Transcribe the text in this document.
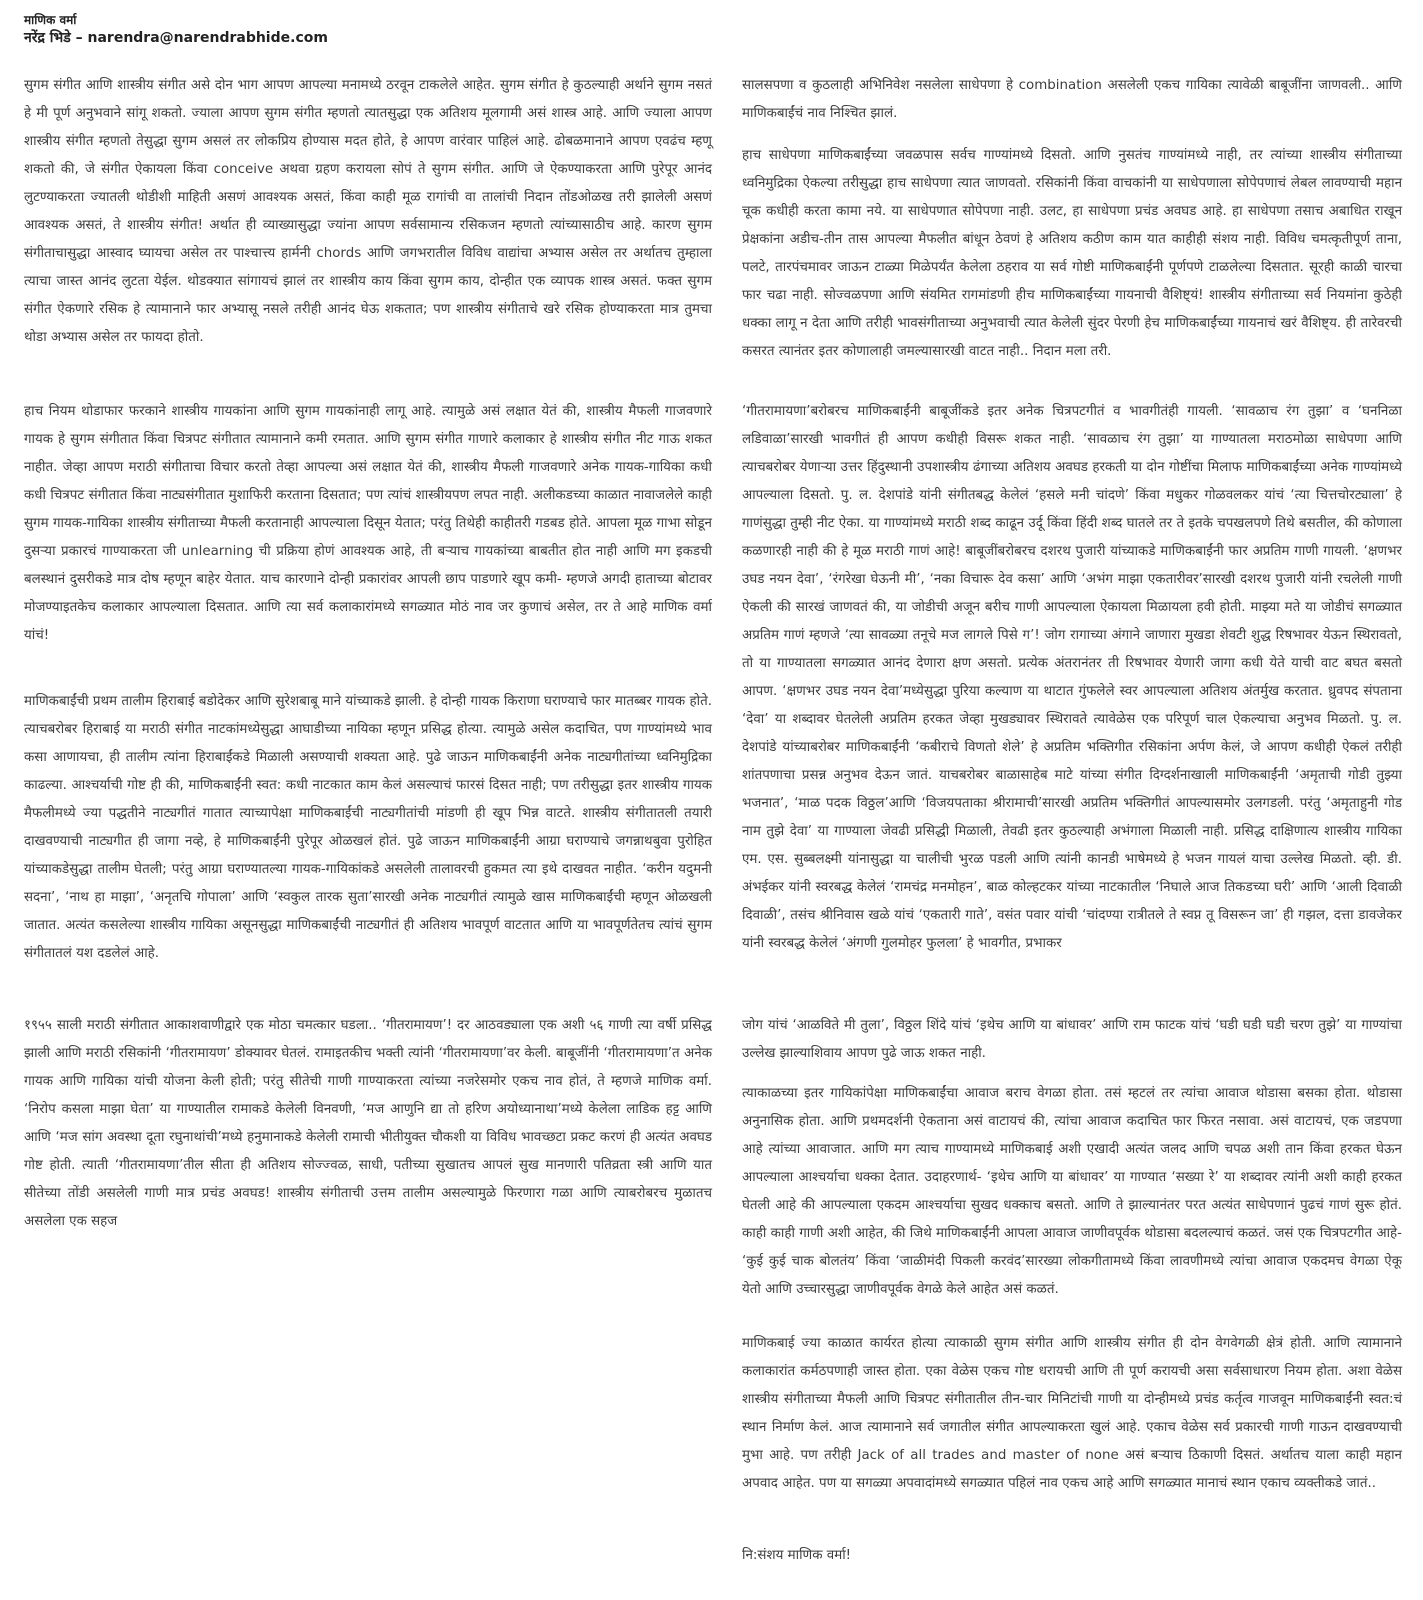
माणिक वर्मा
नरेंद्र भिडे – narendra@narendrabhide.com

सुगम संगीत आणि शास्त्रीय संगीत असे दोन भाग आपण आपल्या मनामध्ये ठरवून टाकलेले आहेत. सुगम संगीत हे कुठल्याही अर्थाने सुगम नसतं हे मी पूर्ण अनुभवाने सांगू शकतो. ज्याला आपण सुगम संगीत म्हणतो त्यातसुद्धा एक अतिशय मूलगामी असं शास्त्र आहे. आणि ज्याला आपण शास्त्रीय संगीत म्हणतो तेसुद्धा सुगम असलं तर लोकप्रिय होण्यास मदत होते, हे आपण वारंवार पाहिलं आहे. ढोबळमानाने आपण एवढंच म्हणू शकतो की, जे संगीत ऐकायला किंवा conceive अथवा ग्रहण करायला सोपं ते सुगम संगीत. आणि जे ऐकण्याकरता आणि पुरेपूर आनंद लुटण्याकरता ज्यातली थोडीशी माहिती असणं आवश्यक असतं, किंवा काही मूळ रागांची वा तालांची निदान तोंडओळख तरी झालेली असणं आवश्यक असतं, ते शास्त्रीय संगीत! अर्थात ही व्याख्यासुद्धा ज्यांना आपण सर्वसामान्य रसिकजन म्हणतो त्यांच्यासाठीच आहे. कारण सुगम संगीताचासुद्धा आस्वाद घ्यायचा असेल तर पाश्चात्त्य हार्मनी chords आणि जगभरातील विविध वाद्यांचा अभ्यास असेल तर अर्थातच तुम्हाला त्याचा जास्त आनंद लुटता येईल. थोडक्यात सांगायचं झालं तर शास्त्रीय काय किंवा सुगम काय, दोन्हीत एक व्यापक शास्त्र असतं. फक्त सुगम संगीत ऐकणारे रसिक हे त्यामानाने फार अभ्यासू नसले तरीही आनंद घेऊ शकतात; पण शास्त्रीय संगीताचे खरे रसिक होण्याकरता मात्र तुमचा थोडा अभ्यास असेल तर फायदा होतो.

हाच नियम थोडाफार फरकाने शास्त्रीय गायकांना आणि सुगम गायकांनाही लागू आहे. त्यामुळे असं लक्षात येतं की, शास्त्रीय मैफली गाजवणारे गायक हे सुगम संगीतात किंवा चित्रपट संगीतात त्यामानाने कमी रमतात. आणि सुगम संगीत गाणारे कलाकार हे शास्त्रीय संगीत नीट गाऊ शकत नाहीत. जेव्हा आपण मराठी संगीताचा विचार करतो तेव्हा आपल्या असं लक्षात येतं की, शास्त्रीय मैफली गाजवणारे अनेक गायक-गायिका कधी कधी चित्रपट संगीतात किंवा नाट्यसंगीतात मुशाफिरी करताना दिसतात; पण त्यांचं शास्त्रीयपण लपत नाही. अलीकडच्या काळात नावाजलेले काही सुगम गायक-गायिका शास्त्रीय संगीताच्या मैफली करतानाही आपल्याला दिसून येतात; परंतु तिथेही काहीतरी गडबड होते. आपला मूळ गाभा सोडून दुसऱ्या प्रकारचं गाण्याकरता जी unlearning ची प्रक्रिया होणं आवश्यक आहे, ती बऱ्याच गायकांच्या बाबतीत होत नाही आणि मग इकडची बलस्थानं दुसरीकडे मात्र दोष म्हणून बाहेर येतात. याच कारणाने दोन्ही प्रकारांवर आपली छाप पाडणारे खूप कमी- म्हणजे अगदी हाताच्या बोटावर मोजण्याइतकेच कलाकार आपल्याला दिसतात. आणि त्या सर्व कलाकारांमध्ये सगळ्यात मोठं नाव जर कुणाचं असेल, तर ते आहे माणिक वर्मा यांचं!

माणिकबाईंची प्रथम तालीम हिराबाई बडोदेकर आणि सुरेशबाबू माने यांच्याकडे झाली. हे दोन्ही गायक किराणा घराण्याचे फार मातब्बर गायक होते. त्याचबरोबर हिराबाई या मराठी संगीत नाटकांमध्येसुद्धा आघाडीच्या नायिका म्हणून प्रसिद्ध होत्या. त्यामुळे असेल कदाचित, पण गाण्यांमध्ये भाव कसा आणायचा, ही तालीम त्यांना हिराबाईंकडे मिळाली असण्याची शक्यता आहे. पुढे जाऊन माणिकबाईंनी अनेक नाट्यगीतांच्या ध्वनिमुद्रिका काढल्या. आश्चर्याची गोष्ट ही की, माणिकबाईंनी स्वत: कधी नाटकात काम केलं असल्याचं फारसं दिसत नाही; पण तरीसुद्धा इतर शास्त्रीय गायक मैफलीमध्ये ज्या पद्धतीने नाट्यगीतं गातात त्याच्यापेक्षा माणिकबाईंची नाट्यगीतांची मांडणी ही खूप भिन्न वाटते. शास्त्रीय संगीतातली तयारी दाखवण्याची नाट्यगीत ही जागा नव्हे, हे माणिकबाईंनी पुरेपूर ओळखलं होतं. पुढे जाऊन माणिकबाईंनी आग्रा घराण्याचे जगन्नाथबुवा पुरोहित यांच्याकडेसुद्धा तालीम घेतली; परंतु आग्रा घराण्यातल्या गायक-गायिकांकडे असलेली तालावरची हुकमत त्या इथे दाखवत नाहीत. ‘करीन यदुमनी सदना’, ‘नाथ हा माझा’, ‘अनृतचि गोपाला’ आणि ‘स्वकुल तारक सुता’सारखी अनेक नाट्यगीतं त्यामुळे खास माणिकबाईंची म्हणून ओळखली जातात. अत्यंत कसलेल्या शास्त्रीय गायिका असूनसुद्धा माणिकबाईंची नाट्यगीतं ही अतिशय भावपूर्ण वाटतात आणि या भावपूर्णतेतच त्यांचं सुगम संगीतातलं यश दडलेलं आहे.

१९५५ साली मराठी संगीतात आकाशवाणीद्वारे एक मोठा चमत्कार घडला.. ‘गीतरामायण’! दर आठवड्याला एक अशी ५६ गाणी त्या वर्षी प्रसिद्ध झाली आणि मराठी रसिकांनी ‘गीतरामायण’ डोक्यावर घेतलं. रामाइतकीच भक्ती त्यांनी ‘गीतरामायणा’वर केली. बाबूजींनी ‘गीतरामायणा’त अनेक गायक आणि गायिका यांची योजना केली होती; परंतु सीतेची गाणी गाण्याकरता त्यांच्या नजरेसमोर एकच नाव होतं, ते म्हणजे माणिक वर्मा. ‘निरोप कसला माझा घेता’ या गाण्यातील रामाकडे केलेली विनवणी, ‘मज आणुनि द्या तो हरिण अयोध्यानाथा’मध्ये केलेला लाडिक हट्ट आणि आणि ‘मज सांग अवस्था दूता रघुनाथांची’मध्ये हनुमानाकडे केलेली रामाची भीतीयुक्त चौकशी या विविध भावच्छटा प्रकट करणं ही अत्यंत अवघड गोष्ट होती. त्याती ‘गीतरामायणा’तील सीता ही अतिशय सोज्ज्वळ, साधी, पतीच्या सुखातच आपलं सुख मानणारी पतिव्रता स्त्री आणि यात सीतेच्या तोंडी असलेली गाणी मात्र प्रचंड अवघड! शास्त्रीय संगीताची उत्तम तालीम असल्यामुळे फिरणारा गळा आणि त्याबरोबरच मुळातच असलेला एक सहज

सालसपणा व कुठलाही अभिनिवेश नसलेला साधेपणा हे combination असलेली एकच गायिका त्यावेळी बाबूजींना जाणवली.. आणि माणिकबाईंचं नाव निश्चित झालं.

हाच साधेपणा माणिकबाईंच्या जवळपास सर्वच गाण्यांमध्ये दिसतो. आणि नुसतंच गाण्यांमध्ये नाही, तर त्यांच्या शास्त्रीय संगीताच्या ध्वनिमुद्रिका ऐकल्या तरीसुद्धा हाच साधेपणा त्यात जाणवतो. रसिकांनी किंवा वाचकांनी या साधेपणाला सोपेपणाचं लेबल लावण्याची महान चूक कधीही करता कामा नये. या साधेपणात सोपेपणा नाही. उलट, हा साधेपणा प्रचंड अवघड आहे. हा साधेपणा तसाच अबाधित राखून प्रेक्षकांना अडीच-तीन तास आपल्या मैफलीत बांधून ठेवणं हे अतिशय कठीण काम यात काहीही संशय नाही. विविध चमत्कृतीपूर्ण ताना, पलटे, तारपंचमावर जाऊन टाळ्या मिळेपर्यंत केलेला ठहराव या सर्व गोष्टी माणिकबाईंनी पूर्णपणे टाळलेल्या दिसतात. सूरही काळी चारचा फार चढा नाही. सोज्वळपणा आणि संयमित रागमांडणी हीच माणिकबाईंच्या गायनाची वैशिष्ट्यं! शास्त्रीय संगीताच्या सर्व नियमांना कुठेही धक्का लागू न देता आणि तरीही भावसंगीताच्या अनुभवाची त्यात केलेली सुंदर पेरणी हेच माणिकबाईंच्या गायनाचं खरं वैशिष्ट्य. ही तारेवरची कसरत त्यानंतर इतर कोणालाही जमल्यासारखी वाटत नाही.. निदान मला तरी.

‘गीतरामायणा’बरोबरच माणिकबाईंनी बाबूजींकडे इतर अनेक चित्रपटगीतं व भावगीतंही गायली. ‘सावळाच रंग तुझा’ व ‘घननिळा लडिवाळा’सारखी भावगीतं ही आपण कधीही विसरू शकत नाही. ‘सावळाच रंग तुझा’ या गाण्यातला मराठमोळा साधेपणा आणि त्याचबरोबर येणाऱ्या उत्तर हिंदुस्थानी उपशास्त्रीय ढंगाच्या अतिशय अवघड हरकती या दोन गोष्टींचा मिलाफ माणिकबाईंच्या अनेक गाण्यांमध्ये आपल्याला दिसतो. पु. ल. देशपांडे यांनी संगीतबद्ध केलेलं ‘हसले मनी चांदणे’ किंवा मधुकर गोळवलकर यांचं ‘त्या चित्तचोरट्याला’ हे गाणंसुद्धा तुम्ही नीट ऐका. या गाण्यांमध्ये मराठी शब्द काढून उर्दू किंवा हिंदी शब्द घातले तर ते इतके चपखलपणे तिथे बसतील, की कोणाला कळणारही नाही की हे मूळ मराठी गाणं आहे! बाबूजींबरोबरच दशरथ पुजारी यांच्याकडे माणिकबाईंनी फार अप्रतिम गाणी गायली. ‘क्षणभर उघड नयन देवा’, ‘रंगरेखा घेऊनी मी’, ‘नका विचारू देव कसा’ आणि ‘अभंग माझा एकतारीवर’सारखी दशरथ पुजारी यांनी रचलेली गाणी ऐकली की सारखं जाणवतं की, या जोडीची अजून बरीच गाणी आपल्याला ऐकायला मिळायला हवी होती. माझ्या मते या जोडीचं सगळ्यात अप्रतिम गाणं म्हणजे ‘त्या सावळ्या तनूचे मज लागले पिसे ग’! जोग रागाच्या अंगाने जाणारा मुखडा शेवटी शुद्ध रिषभावर येऊन स्थिरावतो, तो या गाण्यातला सगळ्यात आनंद देणारा क्षण असतो. प्रत्येक अंतरानंतर ती रिषभावर येणारी जागा कधी येते याची वाट बघत बसतो आपण. ‘क्षणभर उघड नयन देवा’मध्येसुद्धा पुरिया कल्याण या थाटात गुंफलेले स्वर आपल्याला अतिशय अंतर्मुख करतात. ध्रुवपद संपताना ‘देवा’ या शब्दावर घेतलेली अप्रतिम हरकत जेव्हा मुखड्यावर स्थिरावते त्यावेळेस एक परिपूर्ण चाल ऐकल्याचा अनुभव मिळतो. पु. ल. देशपांडे यांच्याबरोबर माणिकबाईंनी ‘कबीराचे विणतो शेले’ हे अप्रतिम भक्तिगीत रसिकांना अर्पण केलं, जे आपण कधीही ऐकलं तरीही शांतपणाचा प्रसन्न अनुभव देऊन जातं. याचबरोबर बाळासाहेब माटे यांच्या संगीत दिग्दर्शनाखाली माणिकबाईंनी ‘अमृताची गोडी तुझ्या भजनात’, ‘माळ पदक विठ्ठल’आणि ‘विजयपताका श्रीरामाची’सारखी अप्रतिम भक्तिगीतं आपल्यासमोर उलगडली. परंतु ‘अमृताहुनी गोड नाम तुझे देवा’ या गाण्याला जेवढी प्रसिद्धी मिळाली, तेवढी इतर कुठल्याही अभंगाला मिळाली नाही. प्रसिद्ध दाक्षिणात्य शास्त्रीय गायिका एम. एस. सुब्बलक्ष्मी यांनासुद्धा या चालीची भुरळ पडली आणि त्यांनी कानडी भाषेमध्ये हे भजन गायलं याचा उल्लेख मिळतो. व्ही. डी. अंभईकर यांनी स्वरबद्ध केलेलं ‘रामचंद्र मनमोहन’, बाळ कोल्हटकर यांच्या नाटकातील ‘निघाले आज तिकडच्या घरी’ आणि ‘आली दिवाळी दिवाळी’, तसंच श्रीनिवास खळे यांचं ‘एकतारी गाते’, वसंत पवार यांची ‘चांदण्या रात्रीतले ते स्वप्न तू विसरून जा’ ही गझल, दत्ता डावजेकर यांनी स्वरबद्ध केलेलं ‘अंगणी गुलमोहर फुलला’ हे भावगीत, प्रभाकर

जोग यांचं ‘आळविते मी तुला’, विठ्ठल शिंदे यांचं ‘इथेच आणि या बांधावर’ आणि राम फाटक यांचं ‘घडी घडी घडी चरण तुझे’ या गाण्यांचा उल्लेख झाल्याशिवाय आपण पुढे जाऊ शकत नाही.

त्याकाळच्या इतर गायिकांपेक्षा माणिकबाईंचा आवाज बराच वेगळा होता. तसं म्हटलं तर त्यांचा आवाज थोडासा बसका होता. थोडासा अनुनासिक होता. आणि प्रथमदर्शनी ऐकताना असं वाटायचं की, त्यांचा आवाज कदाचित फार फिरत नसावा. असं वाटायचं, एक जडपणा आहे त्यांच्या आवाजात. आणि मग त्याच गाण्यामध्ये माणिकबाई अशी एखादी अत्यंत जलद आणि चपळ अशी तान किंवा हरकत घेऊन आपल्याला आश्चर्याचा धक्का देतात. उदाहरणार्थ- ‘इथेच आणि या बांधावर’ या गाण्यात ‘सख्या रे’ या शब्दावर त्यांनी अशी काही हरकत घेतली आहे की आपल्याला एकदम आश्चर्याचा सुखद धक्काच बसतो. आणि ते झाल्यानंतर परत अत्यंत साधेपणानं पुढचं गाणं सुरू होतं. काही काही गाणी अशी आहेत, की जिथे माणिकबाईंनी आपला आवाज जाणीवपूर्वक थोडासा बदलल्याचं कळतं. जसं एक चित्रपटगीत आहे- ‘कुई कुई चाक बोलतंय’ किंवा ‘जाळीमंदी पिकली करवंद’सारख्या लोकगीतामध्ये किंवा लावणीमध्ये त्यांचा आवाज एकदमच वेगळा ऐकू येतो आणि उच्चारसुद्धा जाणीवपूर्वक वेगळे केले आहेत असं कळतं.

माणिकबाई ज्या काळात कार्यरत होत्या त्याकाळी सुगम संगीत आणि शास्त्रीय संगीत ही दोन वेगवेगळी क्षेत्रं होती. आणि त्यामानाने कलाकारांत कर्मठपणाही जास्त होता. एका वेळेस एकच गोष्ट धरायची आणि ती पूर्ण करायची असा सर्वसाधारण नियम होता. अशा वेळेस शास्त्रीय संगीताच्या मैफली आणि चित्रपट संगीतातील तीन-चार मिनिटांची गाणी या दोन्हीमध्ये प्रचंड कर्तृत्व गाजवून माणिकबाईंनी स्वत:चं स्थान निर्माण केलं. आज त्यामानाने सर्व जगातील संगीत आपल्याकरता खुलं आहे. एकाच वेळेस सर्व प्रकारची गाणी गाऊन दाखवण्याची मुभा आहे. पण तरीही Jack of all trades and master of none असं बऱ्याच ठिकाणी दिसतं. अर्थातच याला काही महान अपवाद आहेत. पण या सगळ्या अपवादांमध्ये सगळ्यात पहिलं नाव एकच आहे आणि सगळ्यात मानाचं स्थान एकाच व्यक्तीकडे जातं..

नि:संशय माणिक वर्मा!
